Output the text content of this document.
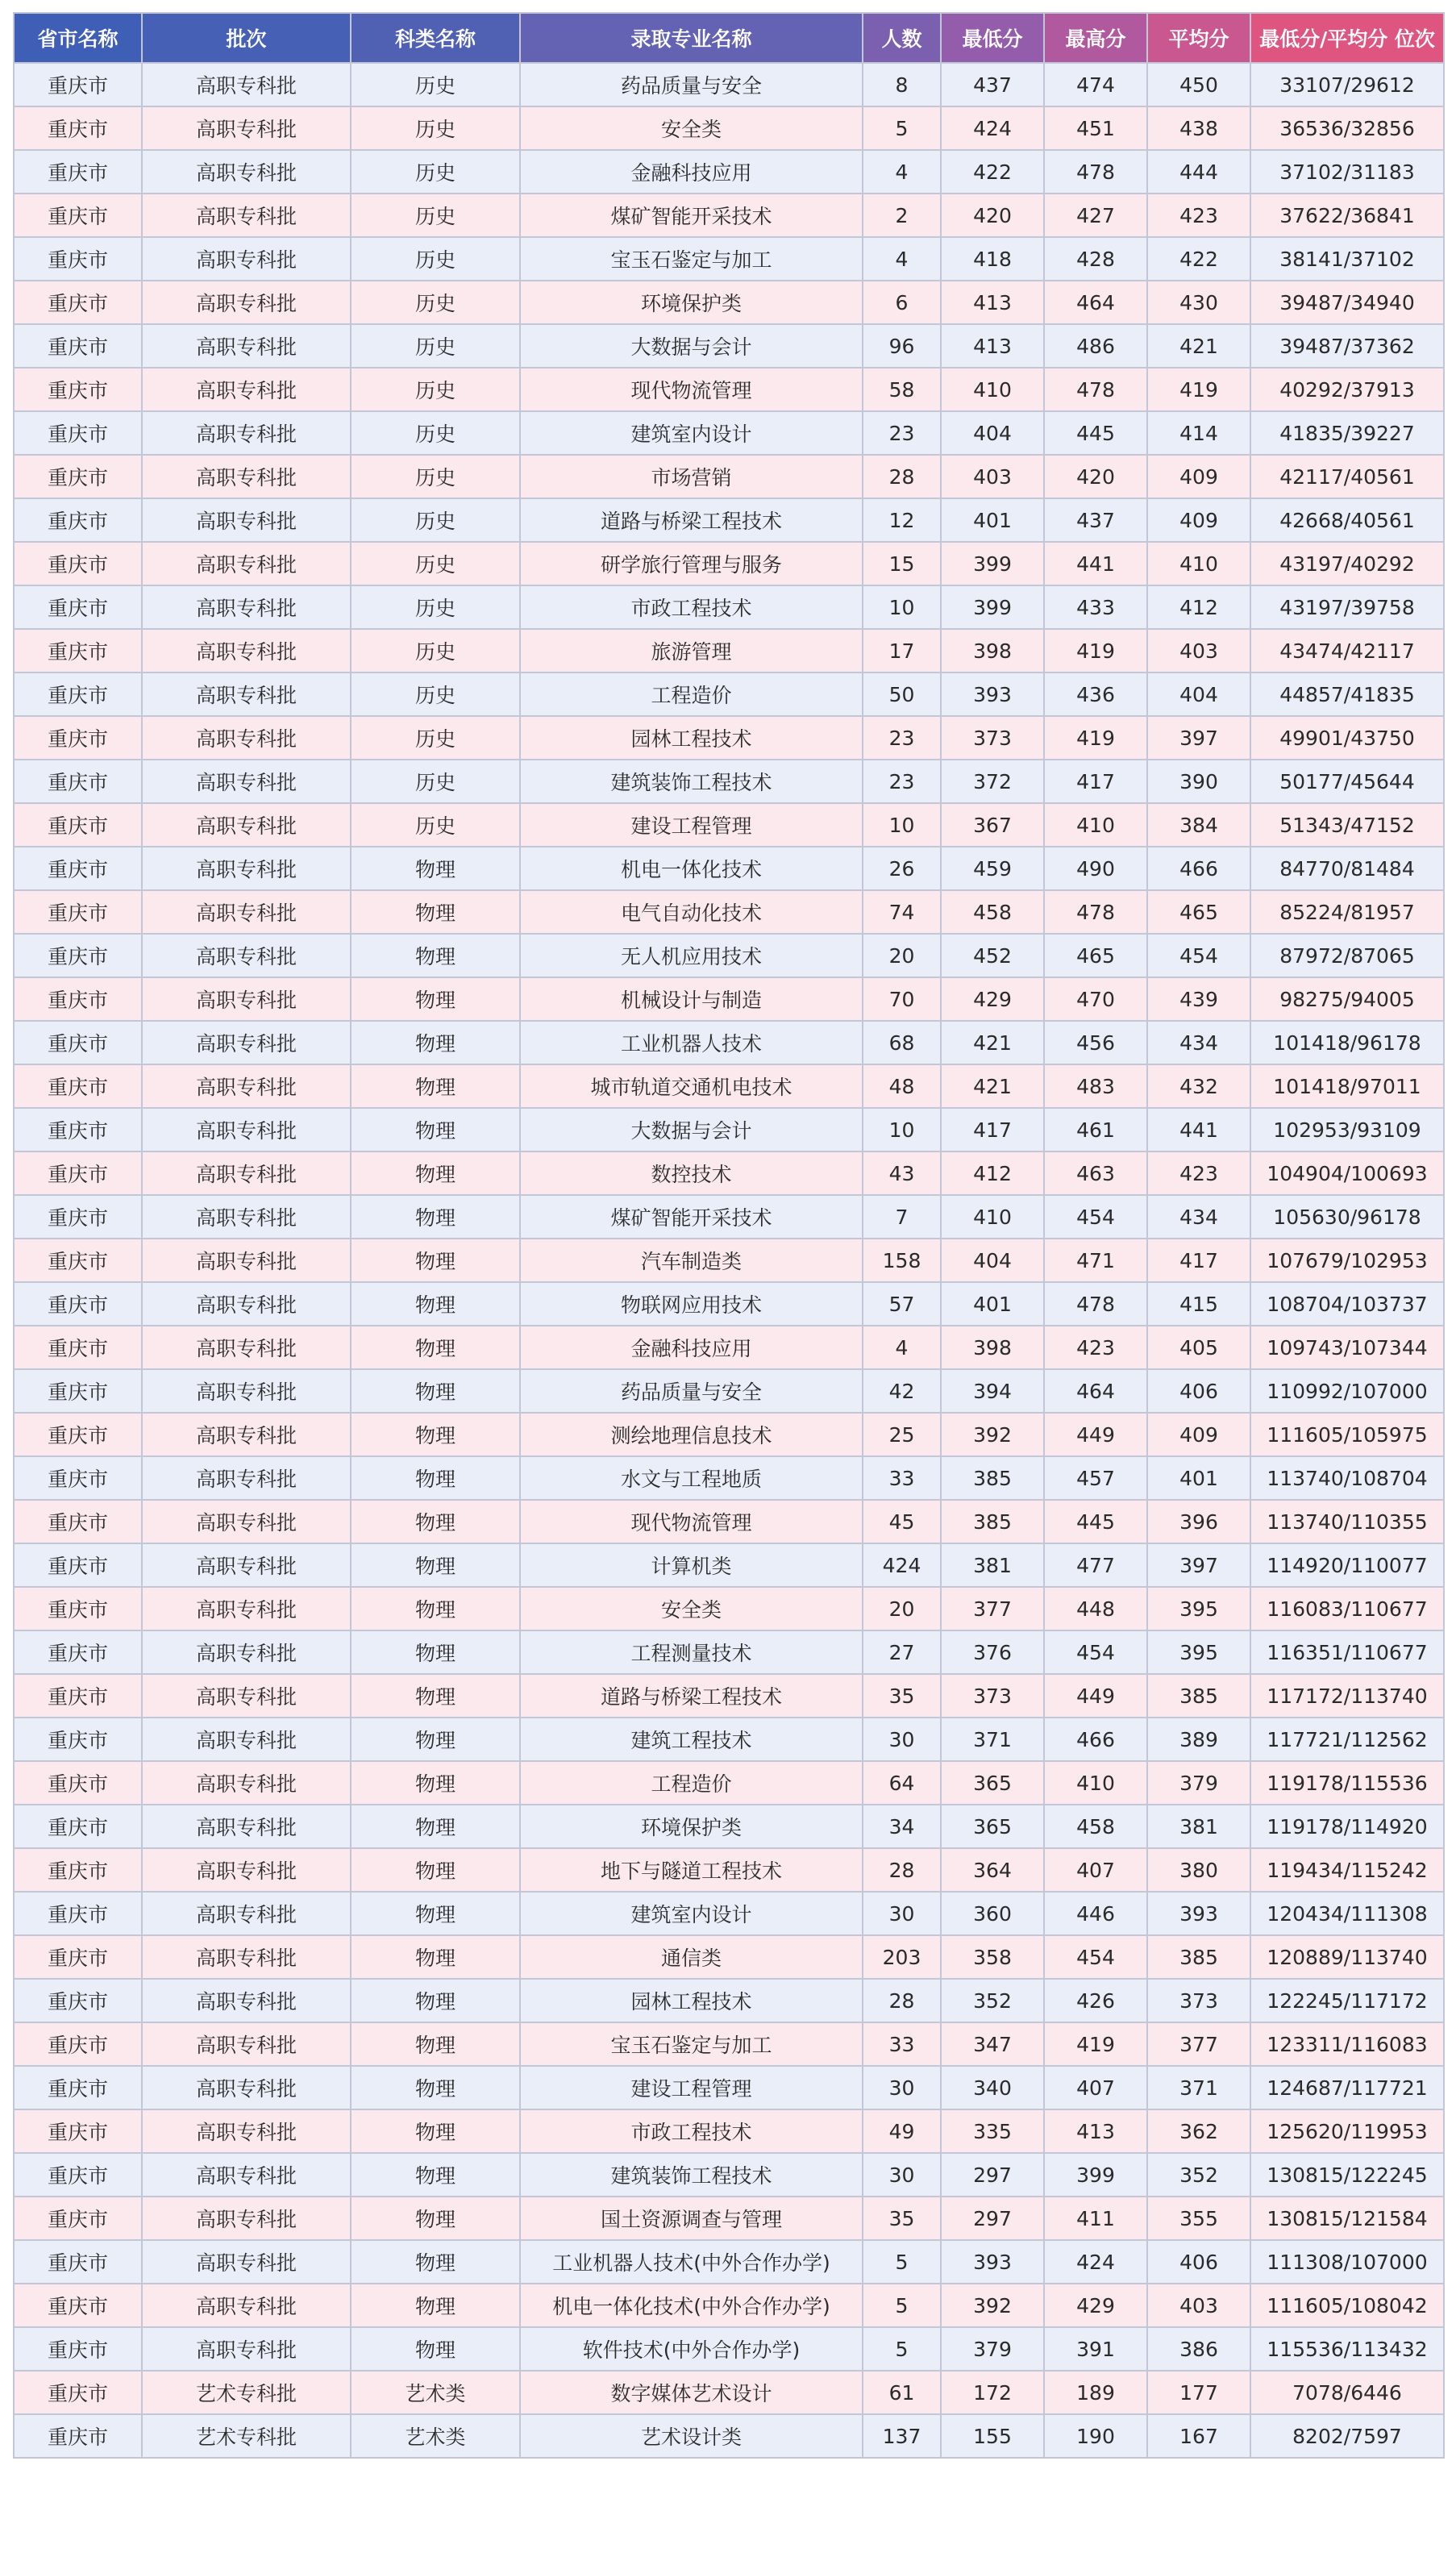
省市名称	批次	科类名称	录取专业名称	人数	最低分	最高分	平均分	最低分/平均分 位次
重庆市	高职专科批	历史	药品质量与安全	8	437	474	450	33107/29612
重庆市	高职专科批	历史	安全类	5	424	451	438	36536/32856
重庆市	高职专科批	历史	金融科技应用	4	422	478	444	37102/31183
重庆市	高职专科批	历史	煤矿智能开采技术	2	420	427	423	37622/36841
重庆市	高职专科批	历史	宝玉石鉴定与加工	4	418	428	422	38141/37102
重庆市	高职专科批	历史	环境保护类	6	413	464	430	39487/34940
重庆市	高职专科批	历史	大数据与会计	96	413	486	421	39487/37362
重庆市	高职专科批	历史	现代物流管理	58	410	478	419	40292/37913
重庆市	高职专科批	历史	建筑室内设计	23	404	445	414	41835/39227
重庆市	高职专科批	历史	市场营销	28	403	420	409	42117/40561
重庆市	高职专科批	历史	道路与桥梁工程技术	12	401	437	409	42668/40561
重庆市	高职专科批	历史	研学旅行管理与服务	15	399	441	410	43197/40292
重庆市	高职专科批	历史	市政工程技术	10	399	433	412	43197/39758
重庆市	高职专科批	历史	旅游管理	17	398	419	403	43474/42117
重庆市	高职专科批	历史	工程造价	50	393	436	404	44857/41835
重庆市	高职专科批	历史	园林工程技术	23	373	419	397	49901/43750
重庆市	高职专科批	历史	建筑装饰工程技术	23	372	417	390	50177/45644
重庆市	高职专科批	历史	建设工程管理	10	367	410	384	51343/47152
重庆市	高职专科批	物理	机电一体化技术	26	459	490	466	84770/81484
重庆市	高职专科批	物理	电气自动化技术	74	458	478	465	85224/81957
重庆市	高职专科批	物理	无人机应用技术	20	452	465	454	87972/87065
重庆市	高职专科批	物理	机械设计与制造	70	429	470	439	98275/94005
重庆市	高职专科批	物理	工业机器人技术	68	421	456	434	101418/96178
重庆市	高职专科批	物理	城市轨道交通机电技术	48	421	483	432	101418/97011
重庆市	高职专科批	物理	大数据与会计	10	417	461	441	102953/93109
重庆市	高职专科批	物理	数控技术	43	412	463	423	104904/100693
重庆市	高职专科批	物理	煤矿智能开采技术	7	410	454	434	105630/96178
重庆市	高职专科批	物理	汽车制造类	158	404	471	417	107679/102953
重庆市	高职专科批	物理	物联网应用技术	57	401	478	415	108704/103737
重庆市	高职专科批	物理	金融科技应用	4	398	423	405	109743/107344
重庆市	高职专科批	物理	药品质量与安全	42	394	464	406	110992/107000
重庆市	高职专科批	物理	测绘地理信息技术	25	392	449	409	111605/105975
重庆市	高职专科批	物理	水文与工程地质	33	385	457	401	113740/108704
重庆市	高职专科批	物理	现代物流管理	45	385	445	396	113740/110355
重庆市	高职专科批	物理	计算机类	424	381	477	397	114920/110077
重庆市	高职专科批	物理	安全类	20	377	448	395	116083/110677
重庆市	高职专科批	物理	工程测量技术	27	376	454	395	116351/110677
重庆市	高职专科批	物理	道路与桥梁工程技术	35	373	449	385	117172/113740
重庆市	高职专科批	物理	建筑工程技术	30	371	466	389	117721/112562
重庆市	高职专科批	物理	工程造价	64	365	410	379	119178/115536
重庆市	高职专科批	物理	环境保护类	34	365	458	381	119178/114920
重庆市	高职专科批	物理	地下与隧道工程技术	28	364	407	380	119434/115242
重庆市	高职专科批	物理	建筑室内设计	30	360	446	393	120434/111308
重庆市	高职专科批	物理	通信类	203	358	454	385	120889/113740
重庆市	高职专科批	物理	园林工程技术	28	352	426	373	122245/117172
重庆市	高职专科批	物理	宝玉石鉴定与加工	33	347	419	377	123311/116083
重庆市	高职专科批	物理	建设工程管理	30	340	407	371	124687/117721
重庆市	高职专科批	物理	市政工程技术	49	335	413	362	125620/119953
重庆市	高职专科批	物理	建筑装饰工程技术	30	297	399	352	130815/122245
重庆市	高职专科批	物理	国土资源调查与管理	35	297	411	355	130815/121584
重庆市	高职专科批	物理	工业机器人技术(中外合作办学)	5	393	424	406	111308/107000
重庆市	高职专科批	物理	机电一体化技术(中外合作办学)	5	392	429	403	111605/108042
重庆市	高职专科批	物理	软件技术(中外合作办学)	5	379	391	386	115536/113432
重庆市	艺术专科批	艺术类	数字媒体艺术设计	61	172	189	177	7078/6446
重庆市	艺术专科批	艺术类	艺术设计类	137	155	190	167	8202/7597
